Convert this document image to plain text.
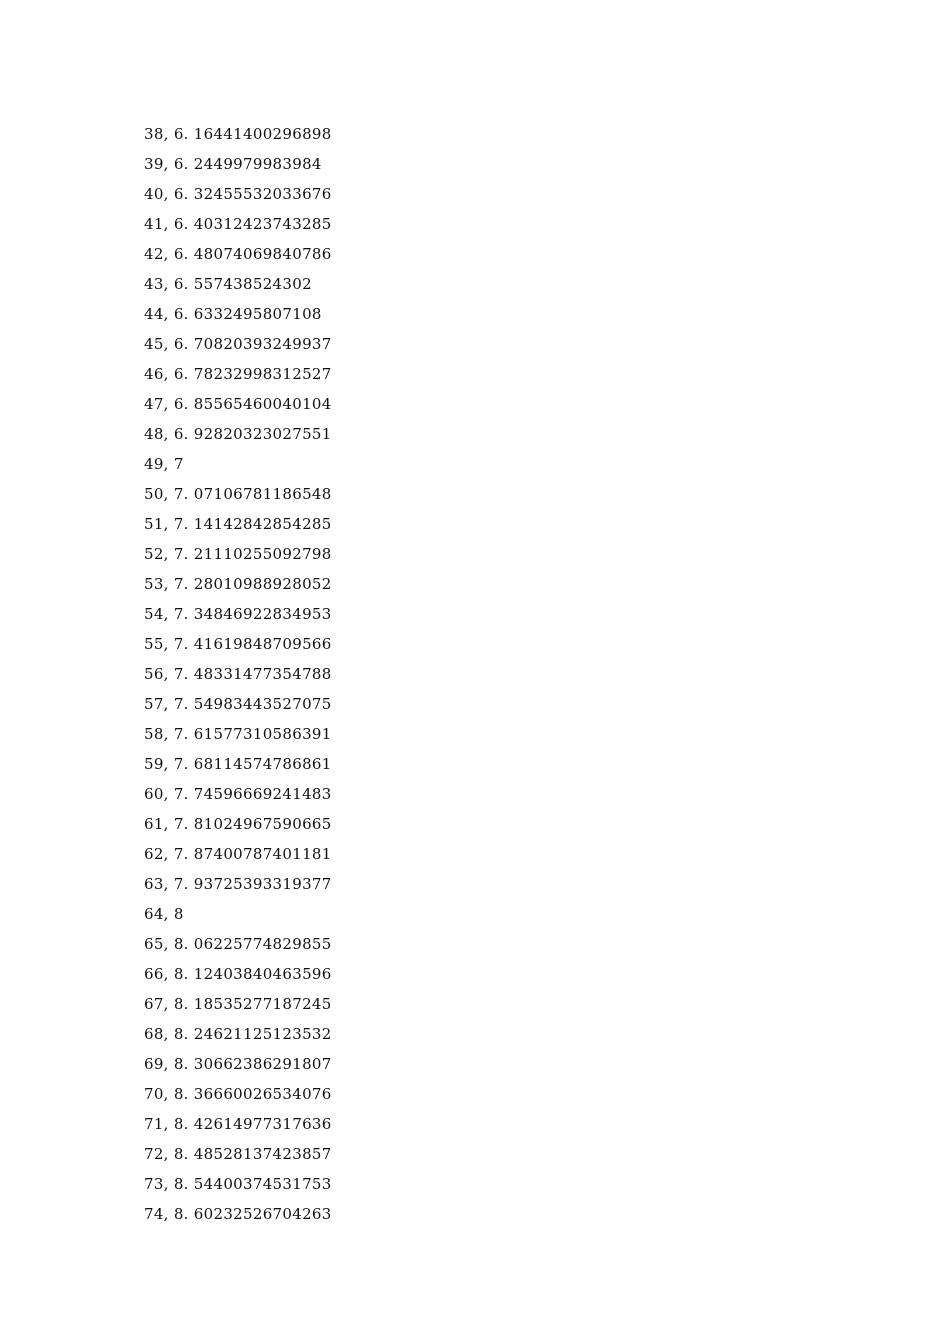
38, 6. 16441400296898
39, 6. 2449979983984
40, 6. 32455532033676
41, 6. 40312423743285
42, 6. 48074069840786
43, 6. 557438524302
44, 6. 6332495807108
45, 6. 70820393249937
46, 6. 78232998312527
47, 6. 85565460040104
48, 6. 92820323027551
49, 7
50, 7. 07106781186548
51, 7. 14142842854285
52, 7. 21110255092798
53, 7. 28010988928052
54, 7. 34846922834953
55, 7. 41619848709566
56, 7. 48331477354788
57, 7. 54983443527075
58, 7. 61577310586391
59, 7. 68114574786861
60, 7. 74596669241483
61, 7. 81024967590665
62, 7. 87400787401181
63, 7. 93725393319377
64, 8
65, 8. 06225774829855
66, 8. 12403840463596
67, 8. 18535277187245
68, 8. 24621125123532
69, 8. 30662386291807
70, 8. 36660026534076
71, 8. 42614977317636
72, 8. 48528137423857
73, 8. 54400374531753
74, 8. 60232526704263
